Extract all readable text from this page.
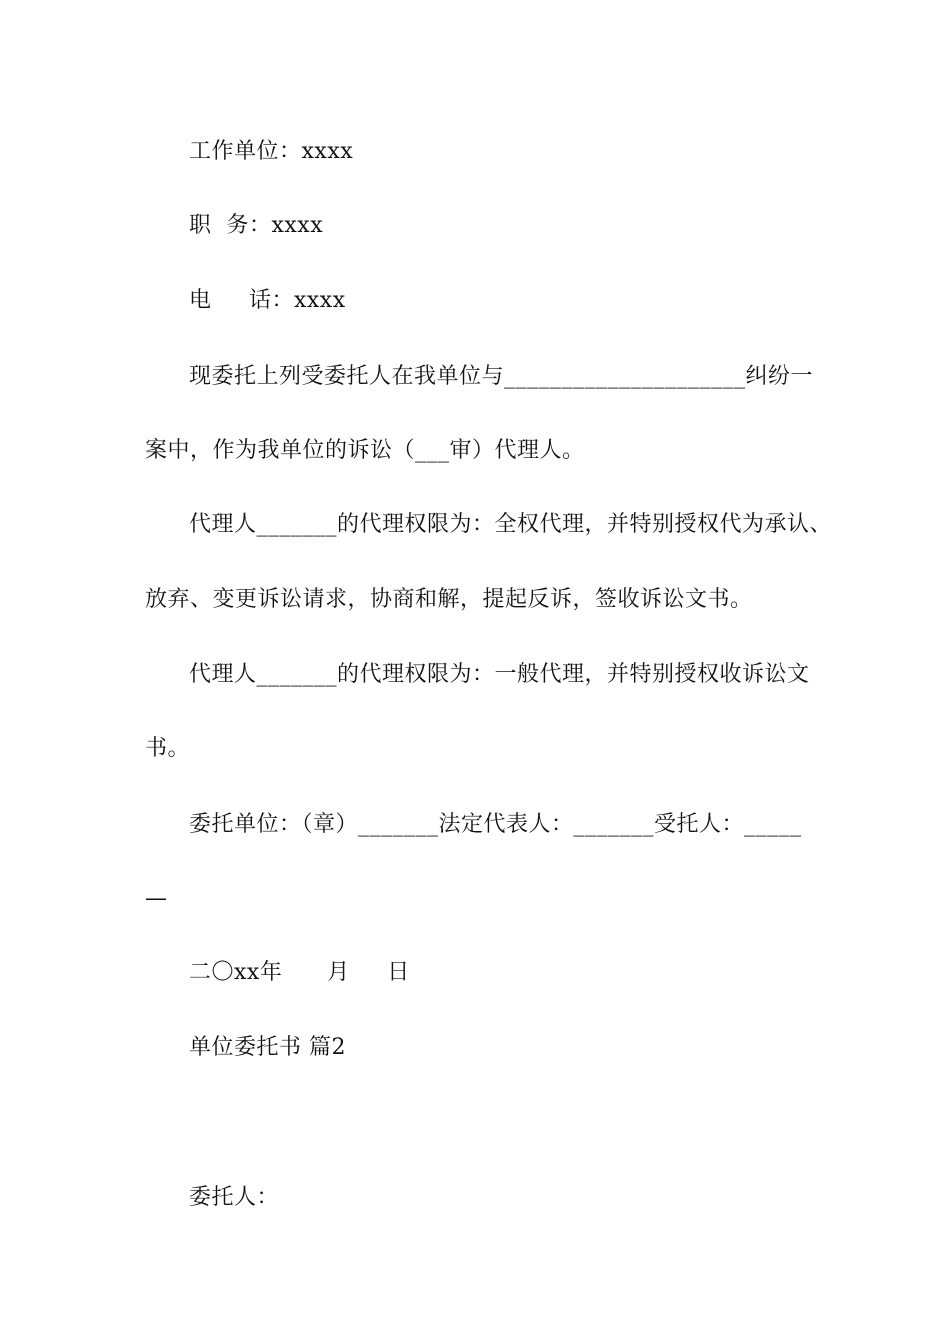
工作单位：xxxx
职  务：xxxx
电     话：xxxx
现委托上列受委托人在我单位与_____________________纠纷一
案中，作为我单位的诉讼（___审）代理人。
代理人_______的代理权限为：全权代理，并特别授权代为承认、
放弃、变更诉讼请求，协商和解，提起反诉，签收诉讼文书。
代理人_______的代理权限为：一般代理，并特别授权收诉讼文
书。
委托单位：（章）_______法定代表人：_______受托人：_____
—
二〇xx年      月     日
单位委托书 篇2
委托人：
